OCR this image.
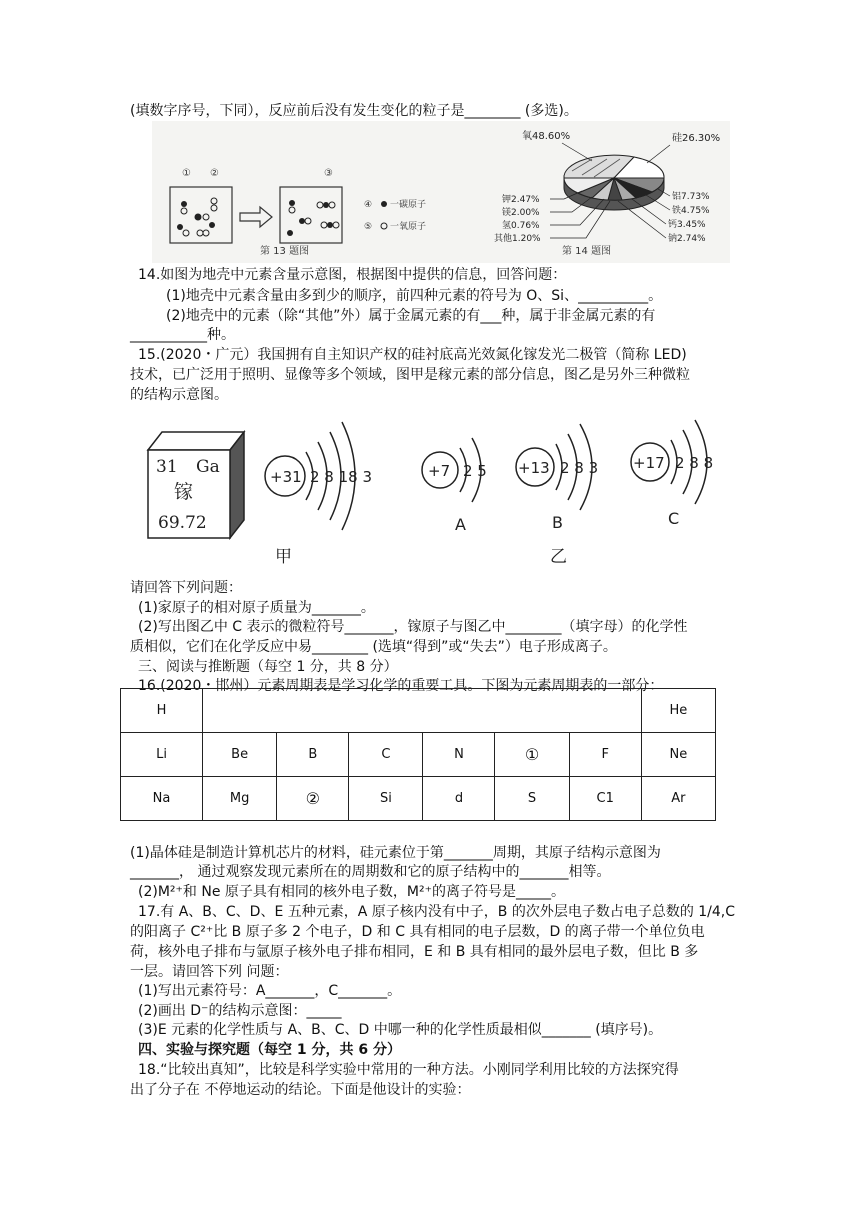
(填数字序号，下同），反应前后没有发生变化的粒子是________ (多选)。
① ②	③
④ 一碳原子
⑤ 一氧原子
第 13 题图
氧48.60%	硅26.30%
钾2.47%
镁2.00%
氢0.76%
其他1.20%
铝7.73%
铁4.75%
钙3.45%
钠2.74%
第 14 题图
14.如图为地壳中元素含量示意图，根据图中提供的信息，回答问题：
(1)地壳中元素含量由多到少的顺序，前四种元素的符号为 O、Si、__________。
(2)地壳中的元素（除“其他”外）属于金属元素的有___种，属于非金属元素的有
___________种。
15.(2020・广元）我国拥有自主知识产权的硅衬底高光效氮化镓发光二极管（简称 LED)
技术，已广泛用于照明、显像等多个领域，图甲是稼元素的部分信息，图乙是另外三种微粒
的结构示意图。
31 Ga
镓
69.72
+31 2 8 18 3
甲
+7 2 5
A
+13 2 8 3
B
乙
+17 2 8 8
C
请回答下列问题：
(1)家原子的相对原子质量为_______。
(2)写出图乙中 C 表示的微粒符号_______，镓原子与图乙中________（填字母）的化学性
质相似，它们在化学反应中易________ (选填“得到”或“失去”）电子形成离子。
三、阅读与推断题（每空 1 分，共 8 分）
16.(2020・邯州）元素周期表是学习化学的重要工具。下图为元素周期表的一部分：
H							He
Li	Be	B	C	N	①	F	Ne
Na	Mg	②	Si	d	S	C1	Ar
(1)晶体硅是制造计算机芯片的材料，硅元素位于第_______周期，其原子结构示意图为
_______， 通过观察发现元素所在的周期数和它的原子结构中的_______相等。
(2)M²⁺和 Ne 原子具有相同的核外电子数，M²⁺的离子符号是_____。
17.有 A、B、C、D、E 五种元素，A 原子核内没有中子，B 的次外层电子数占电子总数的 1/4,C
的阳离子 C²⁺比 B 原子多 2 个电子，D 和 C 具有相同的电子层数，D 的离子带一个单位负电
荷，核外电子排布与氩原子核外电子排布相同，E 和 B 具有相同的最外层电子数，但比 B 多
一层。请回答下列 问题：
(1)写出元素符号：A_______，C_______。
(2)画出 D⁻的结构示意图：_____
(3)E 元素的化学性质与 A、B、C、D 中哪一种的化学性质最相似_______ (填序号)。
四、实验与探究题（每空 1 分，共 6 分）
18.“比较出真知”，比较是科学实验中常用的一种方法。小刚同学利用比较的方法探究得
出了分子在 不停地运动的结论。下面是他设计的实验：
